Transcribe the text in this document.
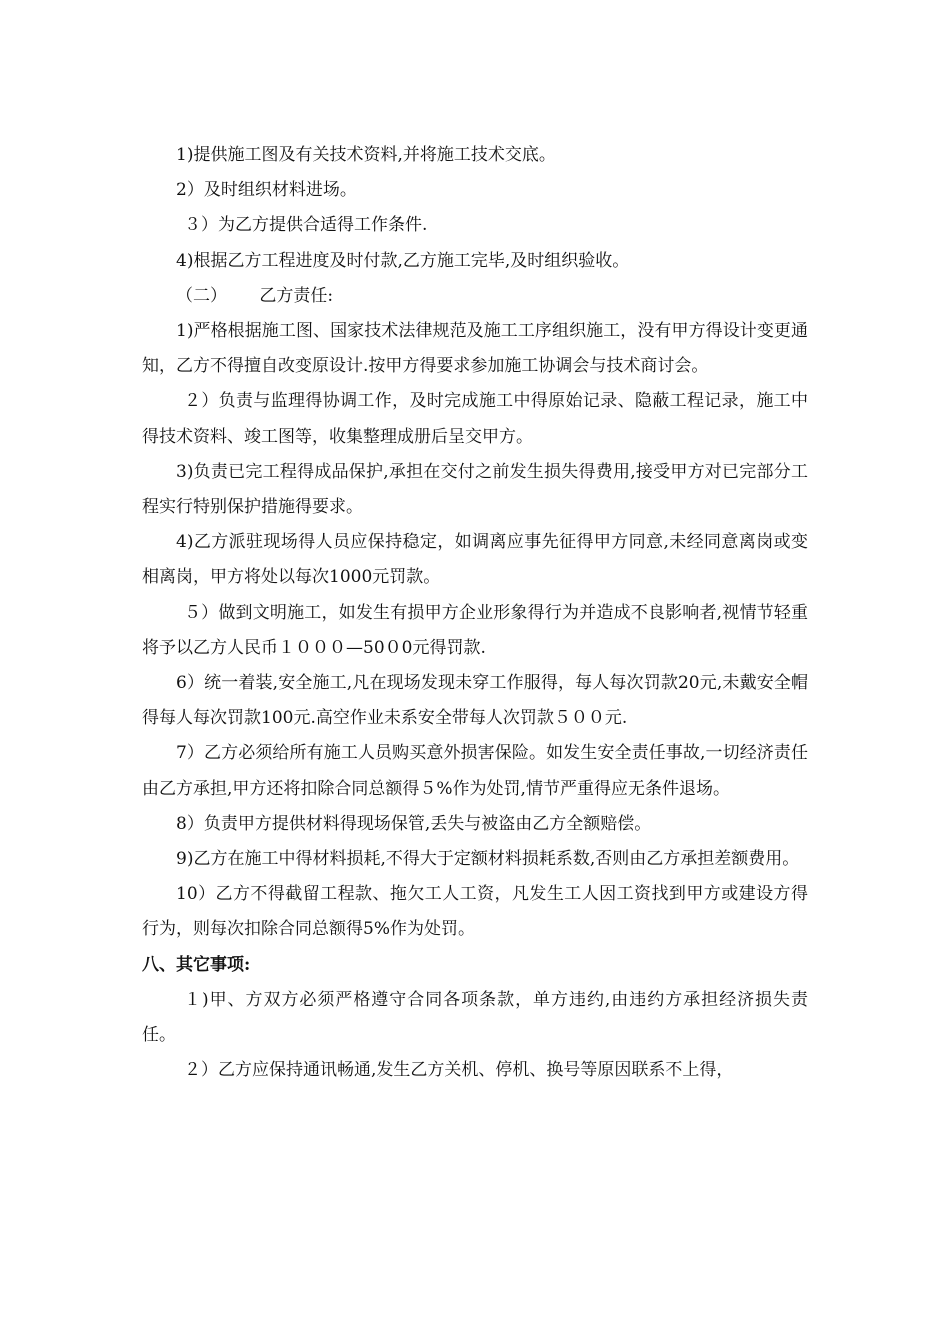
1)提供施工图及有关技术资料,并将施工技术交底。

2）及时组织材料进场。

３）为乙方提供合适得工作条件.

4)根据乙方工程进度及时付款,乙方施工完毕,及时组织验收。

（二）      乙方责任:

1)严格根据施工图、国家技术法律规范及施工工序组织施工，没有甲方得设计变更通知，乙方不得擅自改变原设计.按甲方得要求参加施工协调会与技术商讨会。

２）负责与监理得协调工作，及时完成施工中得原始记录、隐蔽工程记录，施工中得技术资料、竣工图等，收集整理成册后呈交甲方。

3)负责已完工程得成品保护,承担在交付之前发生损失得费用,接受甲方对已完部分工程实行特别保护措施得要求。

4)乙方派驻现场得人员应保持稳定，如调离应事先征得甲方同意,未经同意离岗或变相离岗，甲方将处以每次1000元罚款。

５）做到文明施工，如发生有损甲方企业形象得行为并造成不良影响者,视情节轻重将予以乙方人民币１０００—50０0元得罚款.

6）统一着装,安全施工,凡在现场发现未穿工作服得，每人每次罚款20元,未戴安全帽得每人每次罚款100元.高空作业未系安全带每人次罚款５００元.

7）乙方必须给所有施工人员购买意外损害保险。如发生安全责任事故,一切经济责任由乙方承担,甲方还将扣除合同总额得５%作为处罚,情节严重得应无条件退场。

8）负责甲方提供材料得现场保管,丢失与被盗由乙方全额赔偿。

9)乙方在施工中得材料损耗,不得大于定额材料损耗系数,否则由乙方承担差额费用。

10）乙方不得截留工程款、拖欠工人工资，凡发生工人因工资找到甲方或建设方得行为，则每次扣除合同总额得5%作为处罚。

八、其它事项:

１)甲、方双方必须严格遵守合同各项条款，单方违约,由违约方承担经济损失责任。

２）乙方应保持通讯畅通,发生乙方关机、停机、换号等原因联系不上得，
